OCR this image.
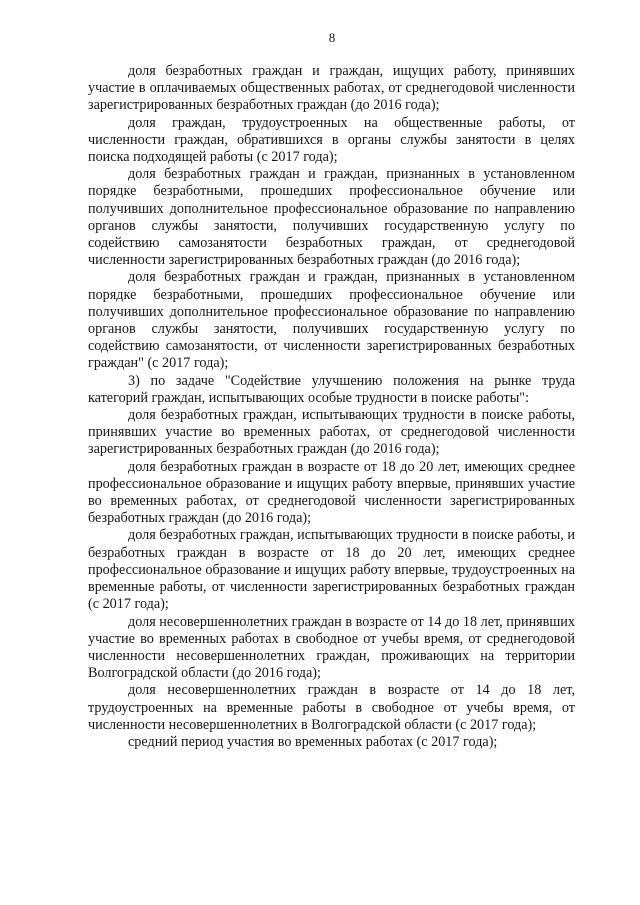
8

доля безработных граждан и граждан, ищущих работу, принявших участие в оплачиваемых общественных работах, от среднегодовой численности зарегистрированных безработных граждан (до 2016 года);

доля граждан, трудоустроенных на общественные работы, от численности граждан, обратившихся в органы службы занятости в целях поиска подходящей работы (с 2017 года);

доля безработных граждан и граждан, признанных в установленном порядке безработными, прошедших профессиональное обучение или получивших дополнительное профессиональное образование по направлению органов службы занятости, получивших государственную услугу по содействию самозанятости безработных граждан, от среднегодовой численности зарегистрированных безработных граждан (до 2016 года);

доля безработных граждан и граждан, признанных в установленном порядке безработными, прошедших профессиональное обучение или получивших дополнительное профессиональное образование по направлению органов службы занятости, получивших государственную услугу по содействию самозанятости, от численности зарегистрированных безработных граждан" (с 2017 года);

3) по задаче "Содействие улучшению положения на рынке труда категорий граждан, испытывающих особые трудности в поиске работы":

доля безработных граждан, испытывающих трудности в поиске работы, принявших участие во временных работах, от среднегодовой численности зарегистрированных безработных граждан (до 2016 года);

доля безработных граждан в возрасте от 18 до 20 лет, имеющих среднее профессиональное образование и ищущих работу впервые, принявших участие во временных работах, от среднегодовой численности зарегистрированных безработных граждан (до 2016 года);

доля безработных граждан, испытывающих трудности в поиске работы, и безработных граждан в возрасте от 18 до 20 лет, имеющих среднее профессиональное образование и ищущих работу впервые, трудоустроенных на временные работы, от численности зарегистрированных безработных граждан (с 2017 года);

доля несовершеннолетних граждан в возрасте от 14 до 18 лет, принявших участие во временных работах в свободное от учебы время, от среднегодовой численности несовершеннолетних граждан, проживающих на территории Волгоградской области (до 2016 года);

доля несовершеннолетних граждан в возрасте от 14 до 18 лет, трудоустроенных на временные работы в свободное от учебы время, от численности несовершеннолетних в Волгоградской области (с 2017 года);

средний период участия во временных работах (с 2017 года);
